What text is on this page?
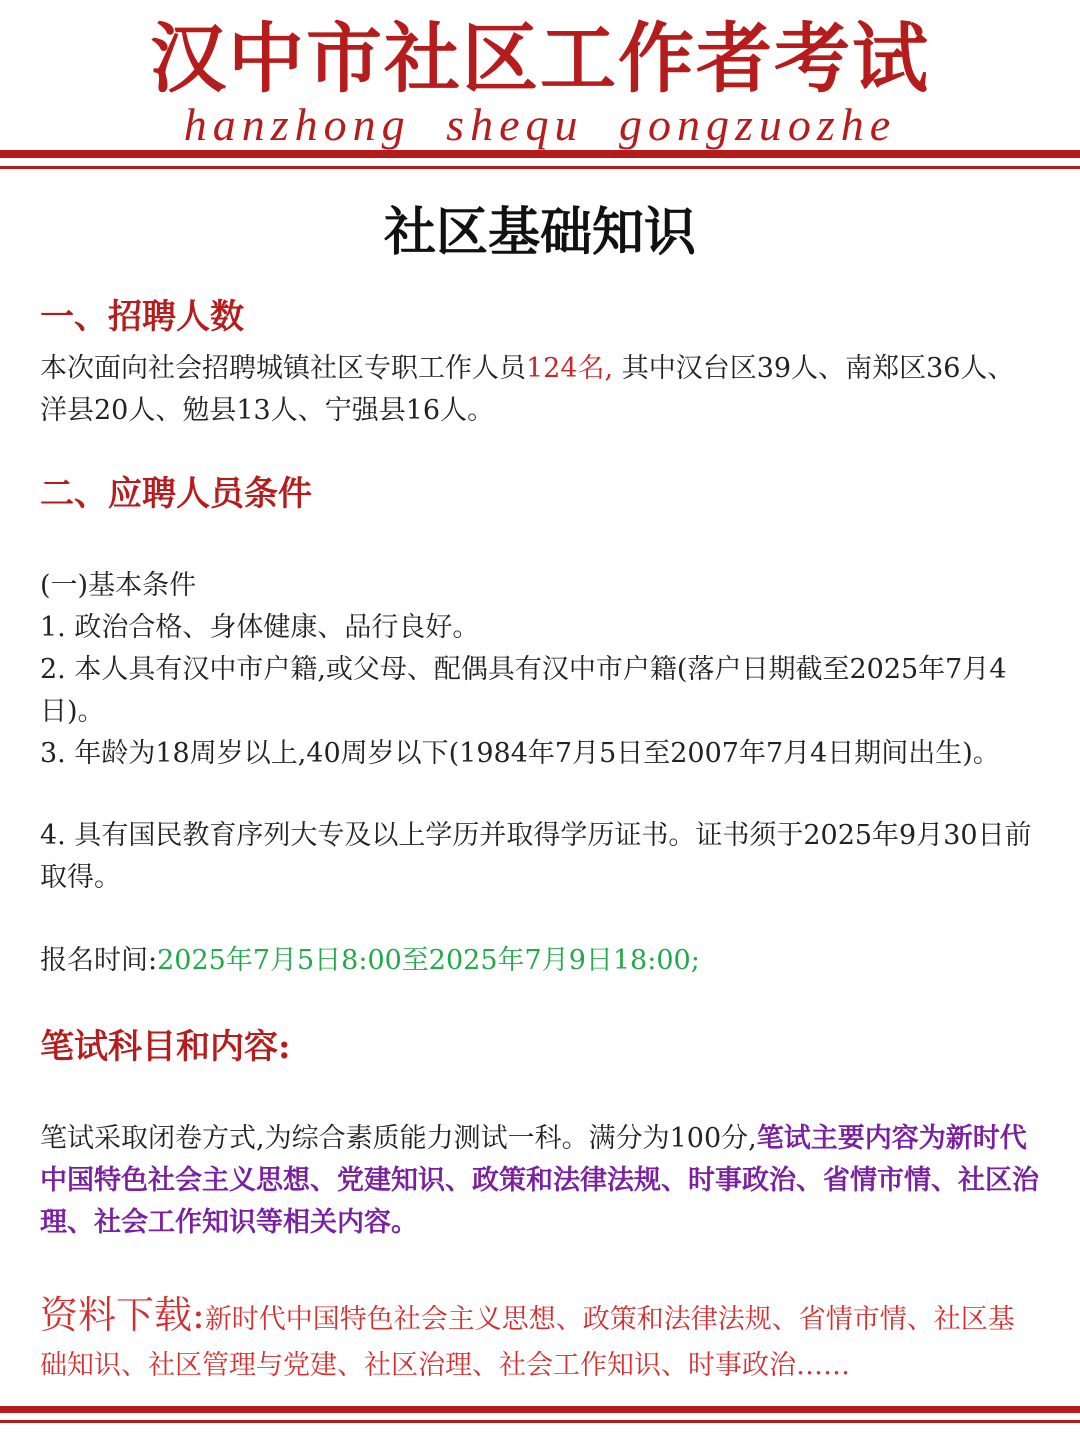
汉中市社区工作者考试
hanzhong shequ gongzuozhe
社区基础知识
一、招聘人数
本次面向社会招聘城镇社区专职工作人员124名, 其中汉台区39人、南郑区36人、洋县20人、勉县13人、宁强县16人。
二、应聘人员条件
(一)基本条件
1. 政治合格、身体健康、品行良好。
2. 本人具有汉中市户籍,或父母、配偶具有汉中市户籍(落户日期截至2025年7月4日)。
3. 年龄为18周岁以上,40周岁以下(1984年7月5日至2007年7月4日期间出生)。
4. 具有国民教育序列大专及以上学历并取得学历证书。证书须于2025年9月30日前取得。
报名时间:2025年7月5日8:00至2025年7月9日18:00;
笔试科目和内容:
笔试采取闭卷方式,为综合素质能力测试一科。满分为100分,笔试主要内容为新时代中国特色社会主义思想、党建知识、政策和法律法规、时事政治、省情市情、社区治理、社会工作知识等相关内容。
资料下载:新时代中国特色社会主义思想、政策和法律法规、省情市情、社区基础知识、社区管理与党建、社区治理、社会工作知识、时事政治……
